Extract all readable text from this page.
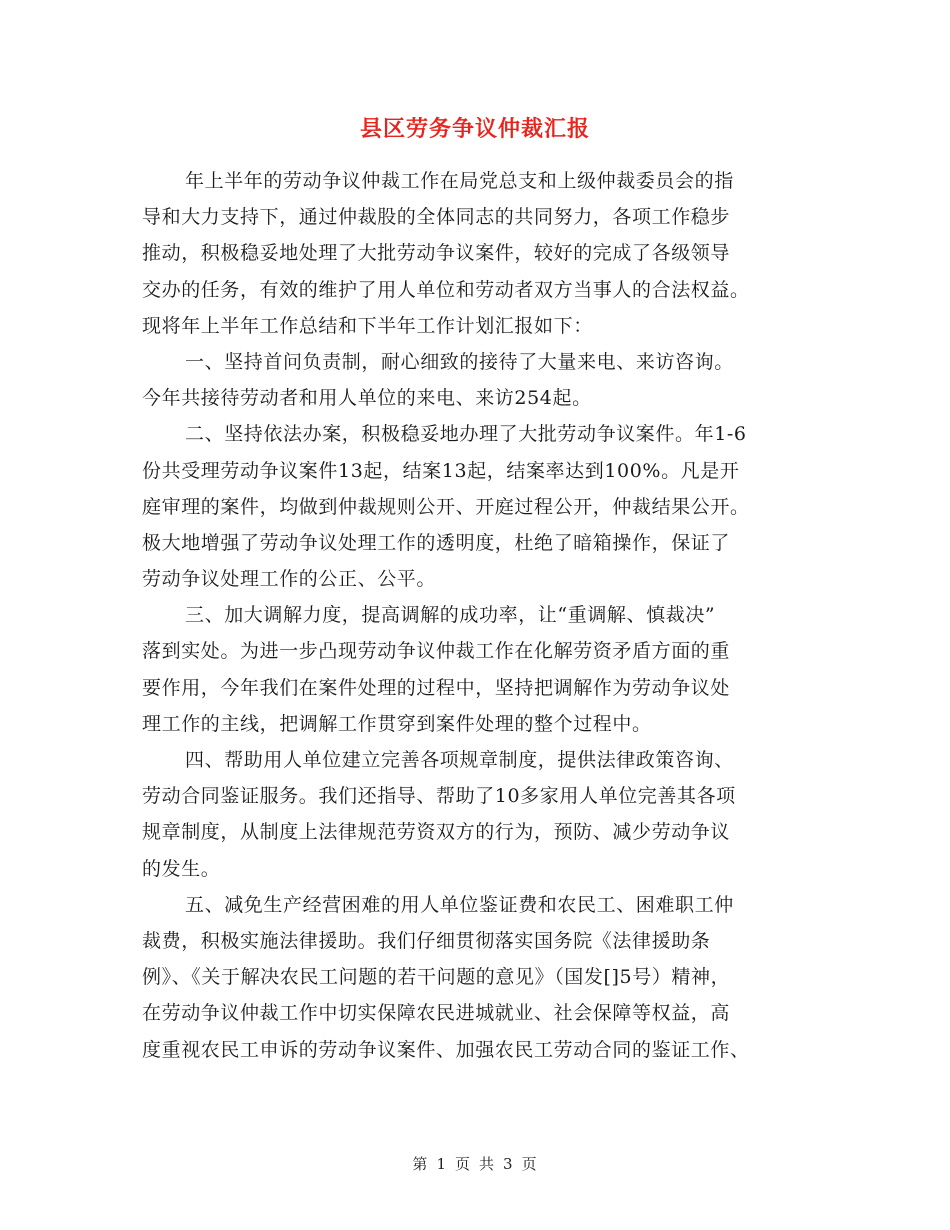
县区劳务争议仲裁汇报
年上半年的劳动争议仲裁工作在局党总支和上级仲裁委员会的指
导和大力支持下，通过仲裁股的全体同志的共同努力，各项工作稳步
推动，积极稳妥地处理了大批劳动争议案件，较好的完成了各级领导
交办的任务，有效的维护了用人单位和劳动者双方当事人的合法权益。
现将年上半年工作总结和下半年工作计划汇报如下：
一、坚持首问负责制，耐心细致的接待了大量来电、来访咨询。
今年共接待劳动者和用人单位的来电、来访254起。
二、坚持依法办案，积极稳妥地办理了大批劳动争议案件。年1-6
份共受理劳动争议案件13起，结案13起，结案率达到100%。凡是开
庭审理的案件，均做到仲裁规则公开、开庭过程公开，仲裁结果公开。
极大地增强了劳动争议处理工作的透明度，杜绝了暗箱操作，保证了
劳动争议处理工作的公正、公平。
三、加大调解力度，提高调解的成功率，让“重调解、慎裁决”
落到实处。为进一步凸现劳动争议仲裁工作在化解劳资矛盾方面的重
要作用，今年我们在案件处理的过程中，坚持把调解作为劳动争议处
理工作的主线，把调解工作贯穿到案件处理的整个过程中。
四、帮助用人单位建立完善各项规章制度，提供法律政策咨询、
劳动合同鉴证服务。我们还指导、帮助了10多家用人单位完善其各项
规章制度，从制度上法律规范劳资双方的行为，预防、减少劳动争议
的发生。
五、减免生产经营困难的用人单位鉴证费和农民工、困难职工仲
裁费，积极实施法律援助。我们仔细贯彻落实国务院《法律援助条
例》、《关于解决农民工问题的若干问题的意见》（国发[]5号）精神，
在劳动争议仲裁工作中切实保障农民进城就业、社会保障等权益，高
度重视农民工申诉的劳动争议案件、加强农民工劳动合同的鉴证工作、
第 1 页 共 3 页
